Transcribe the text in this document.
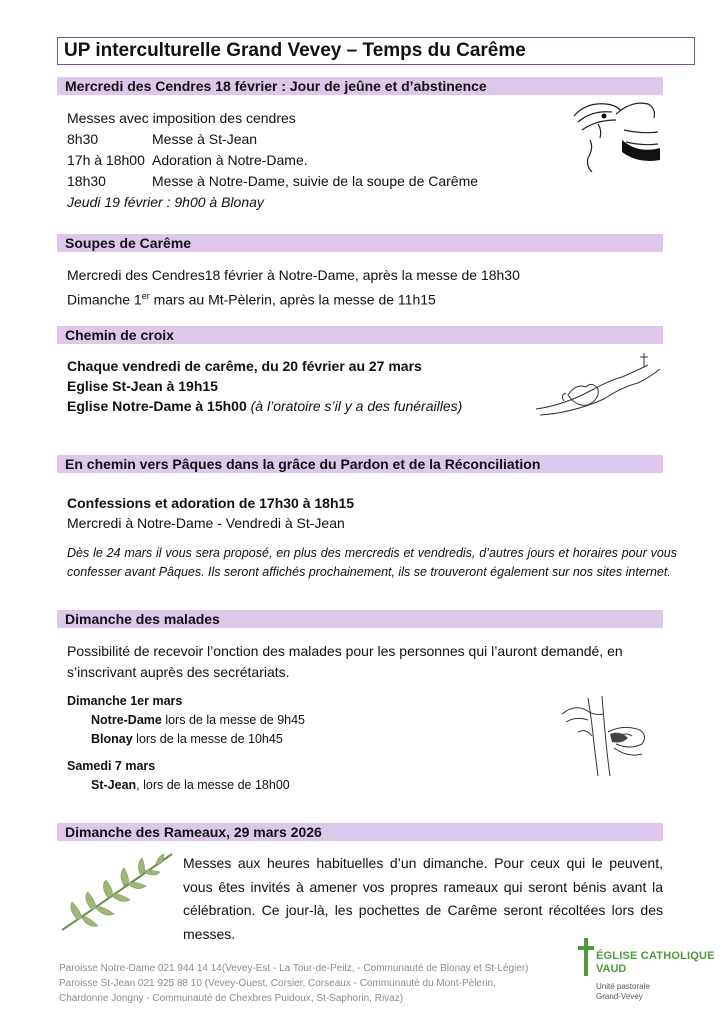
UP interculturelle Grand Vevey – Temps du Carême
Mercredi des Cendres 18 février : Jour de jeûne et d’abstinence
Messes avec imposition des cendres
8h30	Messe à St-Jean
17h à 18h00 Adoration à Notre-Dame.
18h30	Messe à Notre-Dame, suivie de la soupe de Carême
Jeudi 19 février : 9h00 à Blonay
Soupes de Carême
Mercredi des Cendres18 février à Notre-Dame, après la messe de 18h30
Dimanche 1er mars au Mt-Pèlerin, après la messe de 11h15
Chemin de croix
Chaque vendredi de carême, du 20 février au 27 mars
Eglise St-Jean à 19h15
Eglise Notre-Dame à 15h00 (à l’oratoire s’il y a des funérailles)
En chemin vers Pâques dans la grâce du Pardon et de la Réconciliation
Confessions et adoration de 17h30 à 18h15
Mercredi à Notre-Dame - Vendredi à St-Jean
Dès le 24 mars il vous sera proposé, en plus des mercredis et vendredis, d’autres jours et horaires pour vous confesser avant Pâques. Ils seront affichés prochainement, ils se trouveront également sur nos sites internet.
Dimanche des malades
Possibilité de recevoir l’onction des malades pour les personnes qui l’auront demandé, en s’inscrivant auprès des secrétariats.
Dimanche 1er mars
Notre-Dame lors de la messe de 9h45
Blonay lors de la messe de 10h45
Samedi 7 mars
St-Jean, lors de la messe de 18h00
Dimanche des Rameaux, 29 mars 2026
Messes aux heures habituelles d’un dimanche. Pour ceux qui le peuvent, vous êtes invités à amener vos propres rameaux qui seront bénis avant la célébration. Ce jour-là, les pochettes de Carême seront récoltées lors des messes.
Paroisse Notre-Dame 021 944 14 14(Vevey-Est - La Tour-de-Peilz, - Communauté de Blonay et St-Légier)
Paroisse St-Jean 021 925 88 10 (Vevey-Ouest, Corsier, Corseaux - Communauté du Mont-Pèlerin,
Chardonne Jongny - Communauté de Chexbres Puidoux, St-Saphorin, Rivaz)
ÉGLISE CATHOLIQUE
VAUD
Unité pastorale
Grand-Vevey
